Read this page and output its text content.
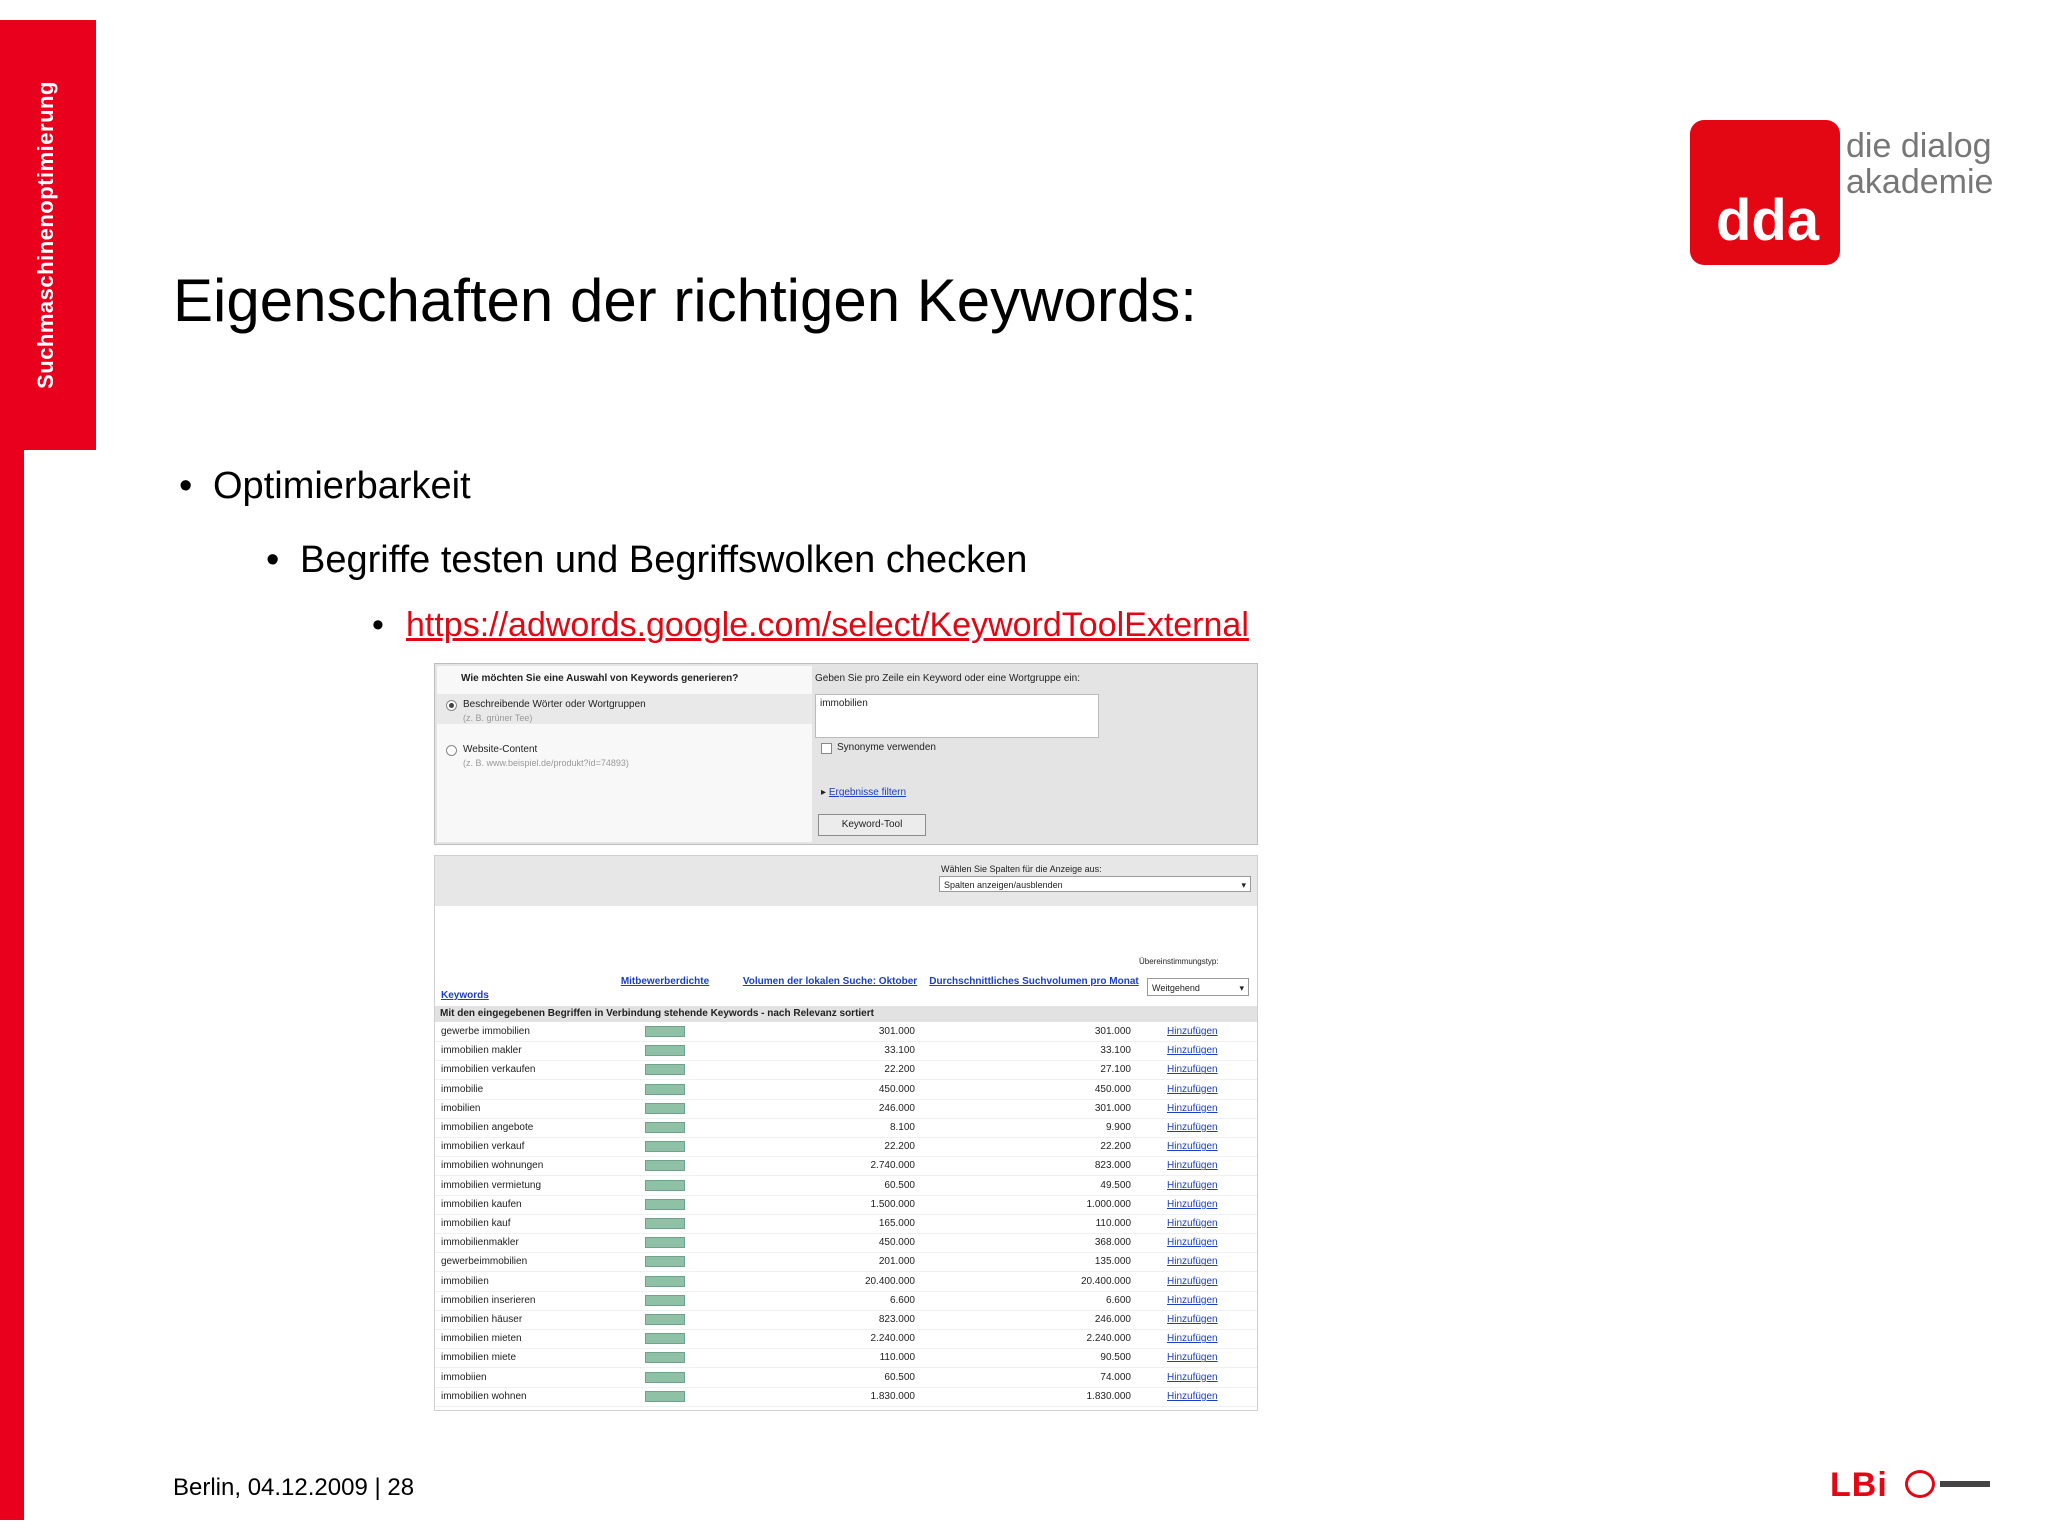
Suchmaschinenoptimierung	dda
die dialog
akademie
Eigenschaften der richtigen Keywords:
• Optimierbarkeit
• Begriffe testen und Begriffswolken checken
• https://adwords.google.com/select/KeywordToolExternal
Wie möchten Sie eine Auswahl von Keywords generieren?	Geben Sie pro Zeile ein Keyword oder eine Wortgruppe ein:
Beschreibende Wörter oder Wortgruppen
(z. B. grüner Tee)
Website-Content
(z. B. www.beispiel.de/produkt?id=74893)
immobilien
Synonyme verwenden
▸ Ergebnisse filtern
Keyword-Tool
Wählen Sie Spalten für die Anzeige aus:
Spalten anzeigen/ausblenden	▾
Übereinstimmungstyp:
Weitgehend	▾
Keywords
Mitbewerberdichte	Volumen der lokalen Suche: Oktober Durchschnittliches Suchvolumen pro Monat
Mit den eingegebenen Begriffen in Verbindung stehende Keywords - nach Relevanz sortiert
gewerbe immobilien	301.000	301.000	Hinzufügen
immobilien makler	33.100	33.100	Hinzufügen
immobilien verkaufen	22.200	27.100	Hinzufügen
immobilie	450.000	450.000	Hinzufügen
imobilien	246.000	301.000	Hinzufügen
immobilien angebote	8.100	9.900	Hinzufügen
immobilien verkauf	22.200	22.200	Hinzufügen
immobilien wohnungen	2.740.000	823.000	Hinzufügen
immobilien vermietung	60.500	49.500	Hinzufügen
immobilien kaufen	1.500.000	1.000.000	Hinzufügen
immobilien kauf	165.000	110.000	Hinzufügen
immobilienmakler	450.000	368.000	Hinzufügen
gewerbeimmobilien	201.000	135.000	Hinzufügen
immobilien	20.400.000	20.400.000	Hinzufügen
immobilien inserieren	6.600	6.600	Hinzufügen
immobilien häuser	823.000	246.000	Hinzufügen
immobilien mieten	2.240.000	2.240.000	Hinzufügen
immobilien miete	110.000	90.500	Hinzufügen
immobiien	60.500	74.000	Hinzufügen
immobilien wohnen	1.830.000	1.830.000	Hinzufügen
Berlin, 04.12.2009 | 28	LBi
